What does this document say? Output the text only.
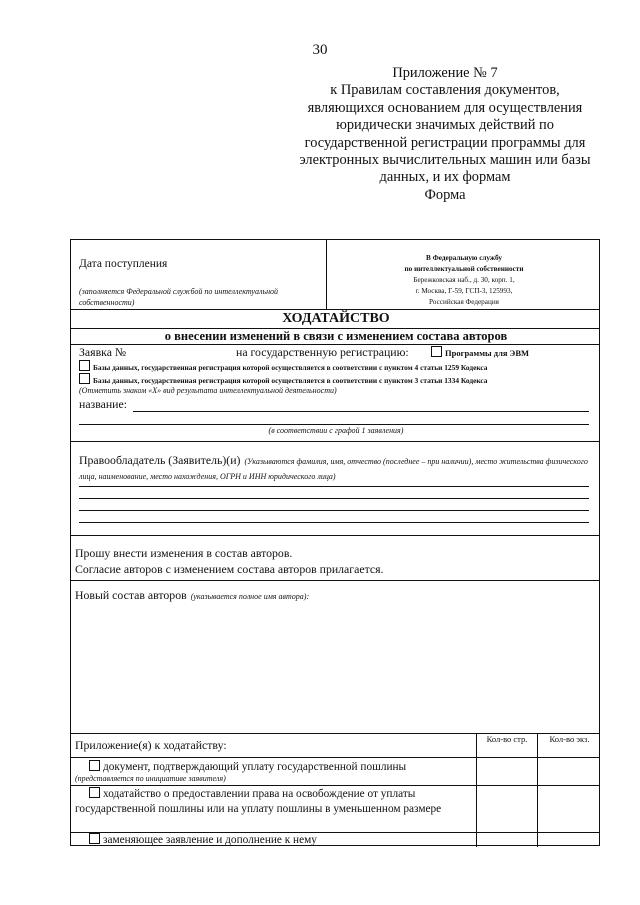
30
Приложение № 7
к Правилам составления документов,
являющихся основанием для осуществления
юридически значимых действий по
государственной регистрации программы для
электронных вычислительных машин или базы
данных, и их формам
Форма
Дата поступления
(заполняется Федеральной службой по интеллектуальной собственности)
В Федеральную службу
по интеллектуальной собственности
Бережковская наб., д. 30, корп. 1,
г. Москва, Г-59, ГСП-3, 125993,
Российская Федерация
ХОДАТАЙСТВО
о внесении изменений в связи с изменением состава авторов
Заявка №	на государственную регистрацию:	Программы для ЭВМ
Базы данных, государственная регистрация которой осуществляется в соответствии с пунктом 4 статьи 1259 Кодекса
Базы данных, государственная регистрация которой осуществляется в соответствии с пунктом 3 статьи 1334 Кодекса
(Отметить знаком «Х» вид результата интеллектуальной деятельности)
название:
(в соответствии с графой 1 заявления)
Правообладатель (Заявитель)(и) (Указываются фамилия, имя, отчество (последнее – при наличии), место жительства физического лица, наименование, место нахождения, ОГРН и ИНН юридического лица)
Прошу внести изменения в состав авторов.
Согласие авторов с изменением состава авторов прилагается.
Новый состав авторов (указывается полное имя автора):
Приложение(я) к ходатайству:	Кол-во стр.	Кол-во экз.
документ, подтверждающий уплату государственной пошлины
(представляется по инициативе заявителя)
ходатайство о предоставлении права на освобождение от уплаты государственной пошлины или на уплату пошлины в уменьшенном размере
заменяющее заявление и дополнение к нему
